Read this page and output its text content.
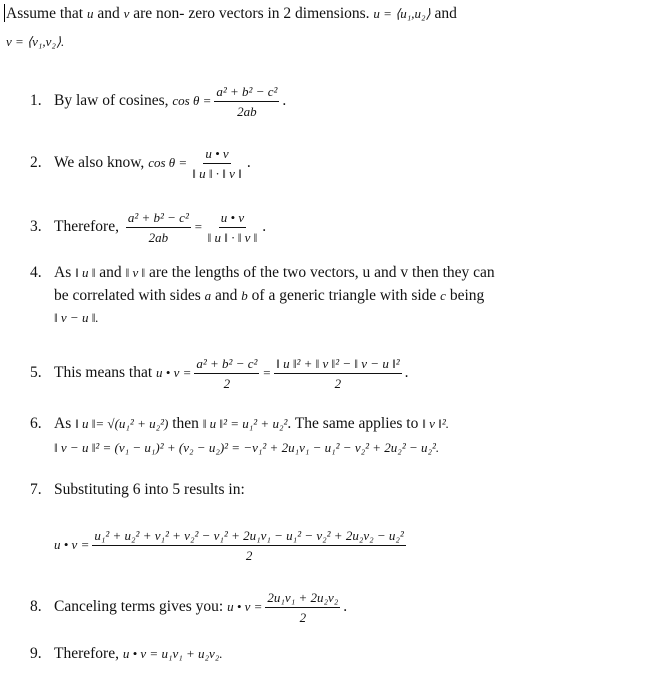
Assume that u and v are non- zero vectors in 2 dimensions. u = ⟨u₁,u₂⟩ and
v = ⟨v₁,v₂⟩.
1. By law of cosines, $\cos \theta = \frac{\text{a² + b² − c²}}{2ab}$ .
2. We also know, $\cos \theta = \frac{u • v}{‖ u ‖ \cdot ‖ v ‖}$ .
3. Therefore, $\frac{\text{a² + b² − c²}}{2ab} = \frac{u • v}{‖ u ‖ \cdot ‖ v ‖}$ .
4. As ‖ u ‖ and ‖ v ‖ are the lengths of the two vectors, u and v then they can
be correlated with sides a and b of a generic triangle with side c being
‖ v − u ‖.
5. This means that u • $v = \frac{\text{a² + b² − c²}}{2} = \frac{\text{‖ u ‖² + ‖ v ‖² − ‖ v − u ‖²}}{2}$ .
6. As ‖ u ‖= √(u₁² + u₂²) then ‖ u ‖² = u₁² + u₂². The same applies to ‖ v ‖².
‖ v − u ‖² = (v₁ − u₁)² + (v₂ − u₂)² = −v₁² + 2u₁v₁ − u₁² − v₂² + 2u₂² − u₂².
7. Substituting 6 into 5 results in:
u • v =
u₁² + u₂² + v₁² + v₂² − v₁² + 2u₁v₁ − u₁² − v₂² + 2u₂v₂ − u₂²
2
8. Canceling terms gives you: u • $v = \frac{\text{2u₁v₁ + 2u₂v₂}}{2}$ .
9. Therefore, u • v = u₁v₁ + u₂v₂.
